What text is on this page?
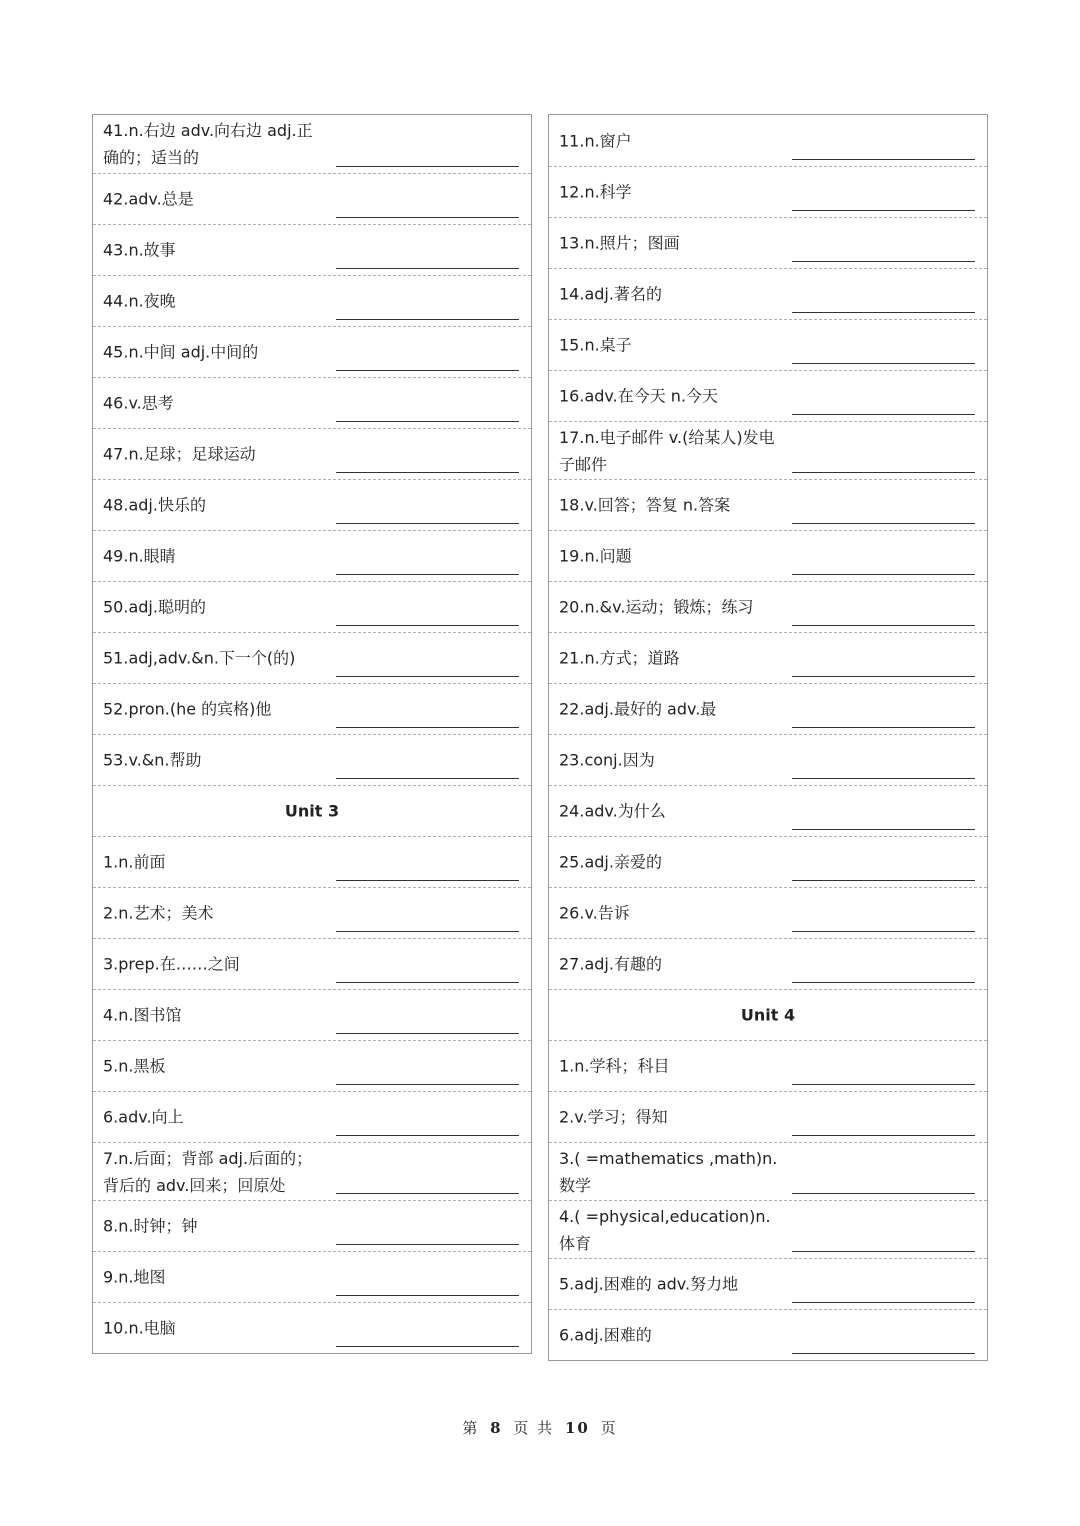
41.n.右边 adv.向右边 adj.正确的；适当的
42.adv.总是
43.n.故事
44.n.夜晚
45.n.中间 adj.中间的
46.v.思考
47.n.足球；足球运动
48.adj.快乐的
49.n.眼睛
50.adj.聪明的
51.adj,adv.&n.下一个(的)
52.pron.(he 的宾格)他
53.v.&n.帮助
Unit 3
1.n.前面
2.n.艺术；美术
3.prep.在……之间
4.n.图书馆
5.n.黑板
6.adv.向上
7.n.后面；背部 adj.后面的；背后的 adv.回来；回原处
8.n.时钟；钟
9.n.地图
10.n.电脑
11.n.窗户
12.n.科学
13.n.照片；图画
14.adj.著名的
15.n.桌子
16.adv.在今天 n.今天
17.n.电子邮件 v.(给某人)发电子邮件
18.v.回答；答复 n.答案
19.n.问题
20.n.&v.运动；锻炼；练习
21.n.方式；道路
22.adj.最好的 adv.最
23.conj.因为
24.adv.为什么
25.adj.亲爱的
26.v.告诉
27.adj.有趣的
Unit 4
1.n.学科；科目
2.v.学习；得知
3.( =mathematics ,math)n.数学
4.( =physical,education)n.体育
5.adj.困难的 adv.努力地
6.adj.困难的
第 8 页 共 10 页
